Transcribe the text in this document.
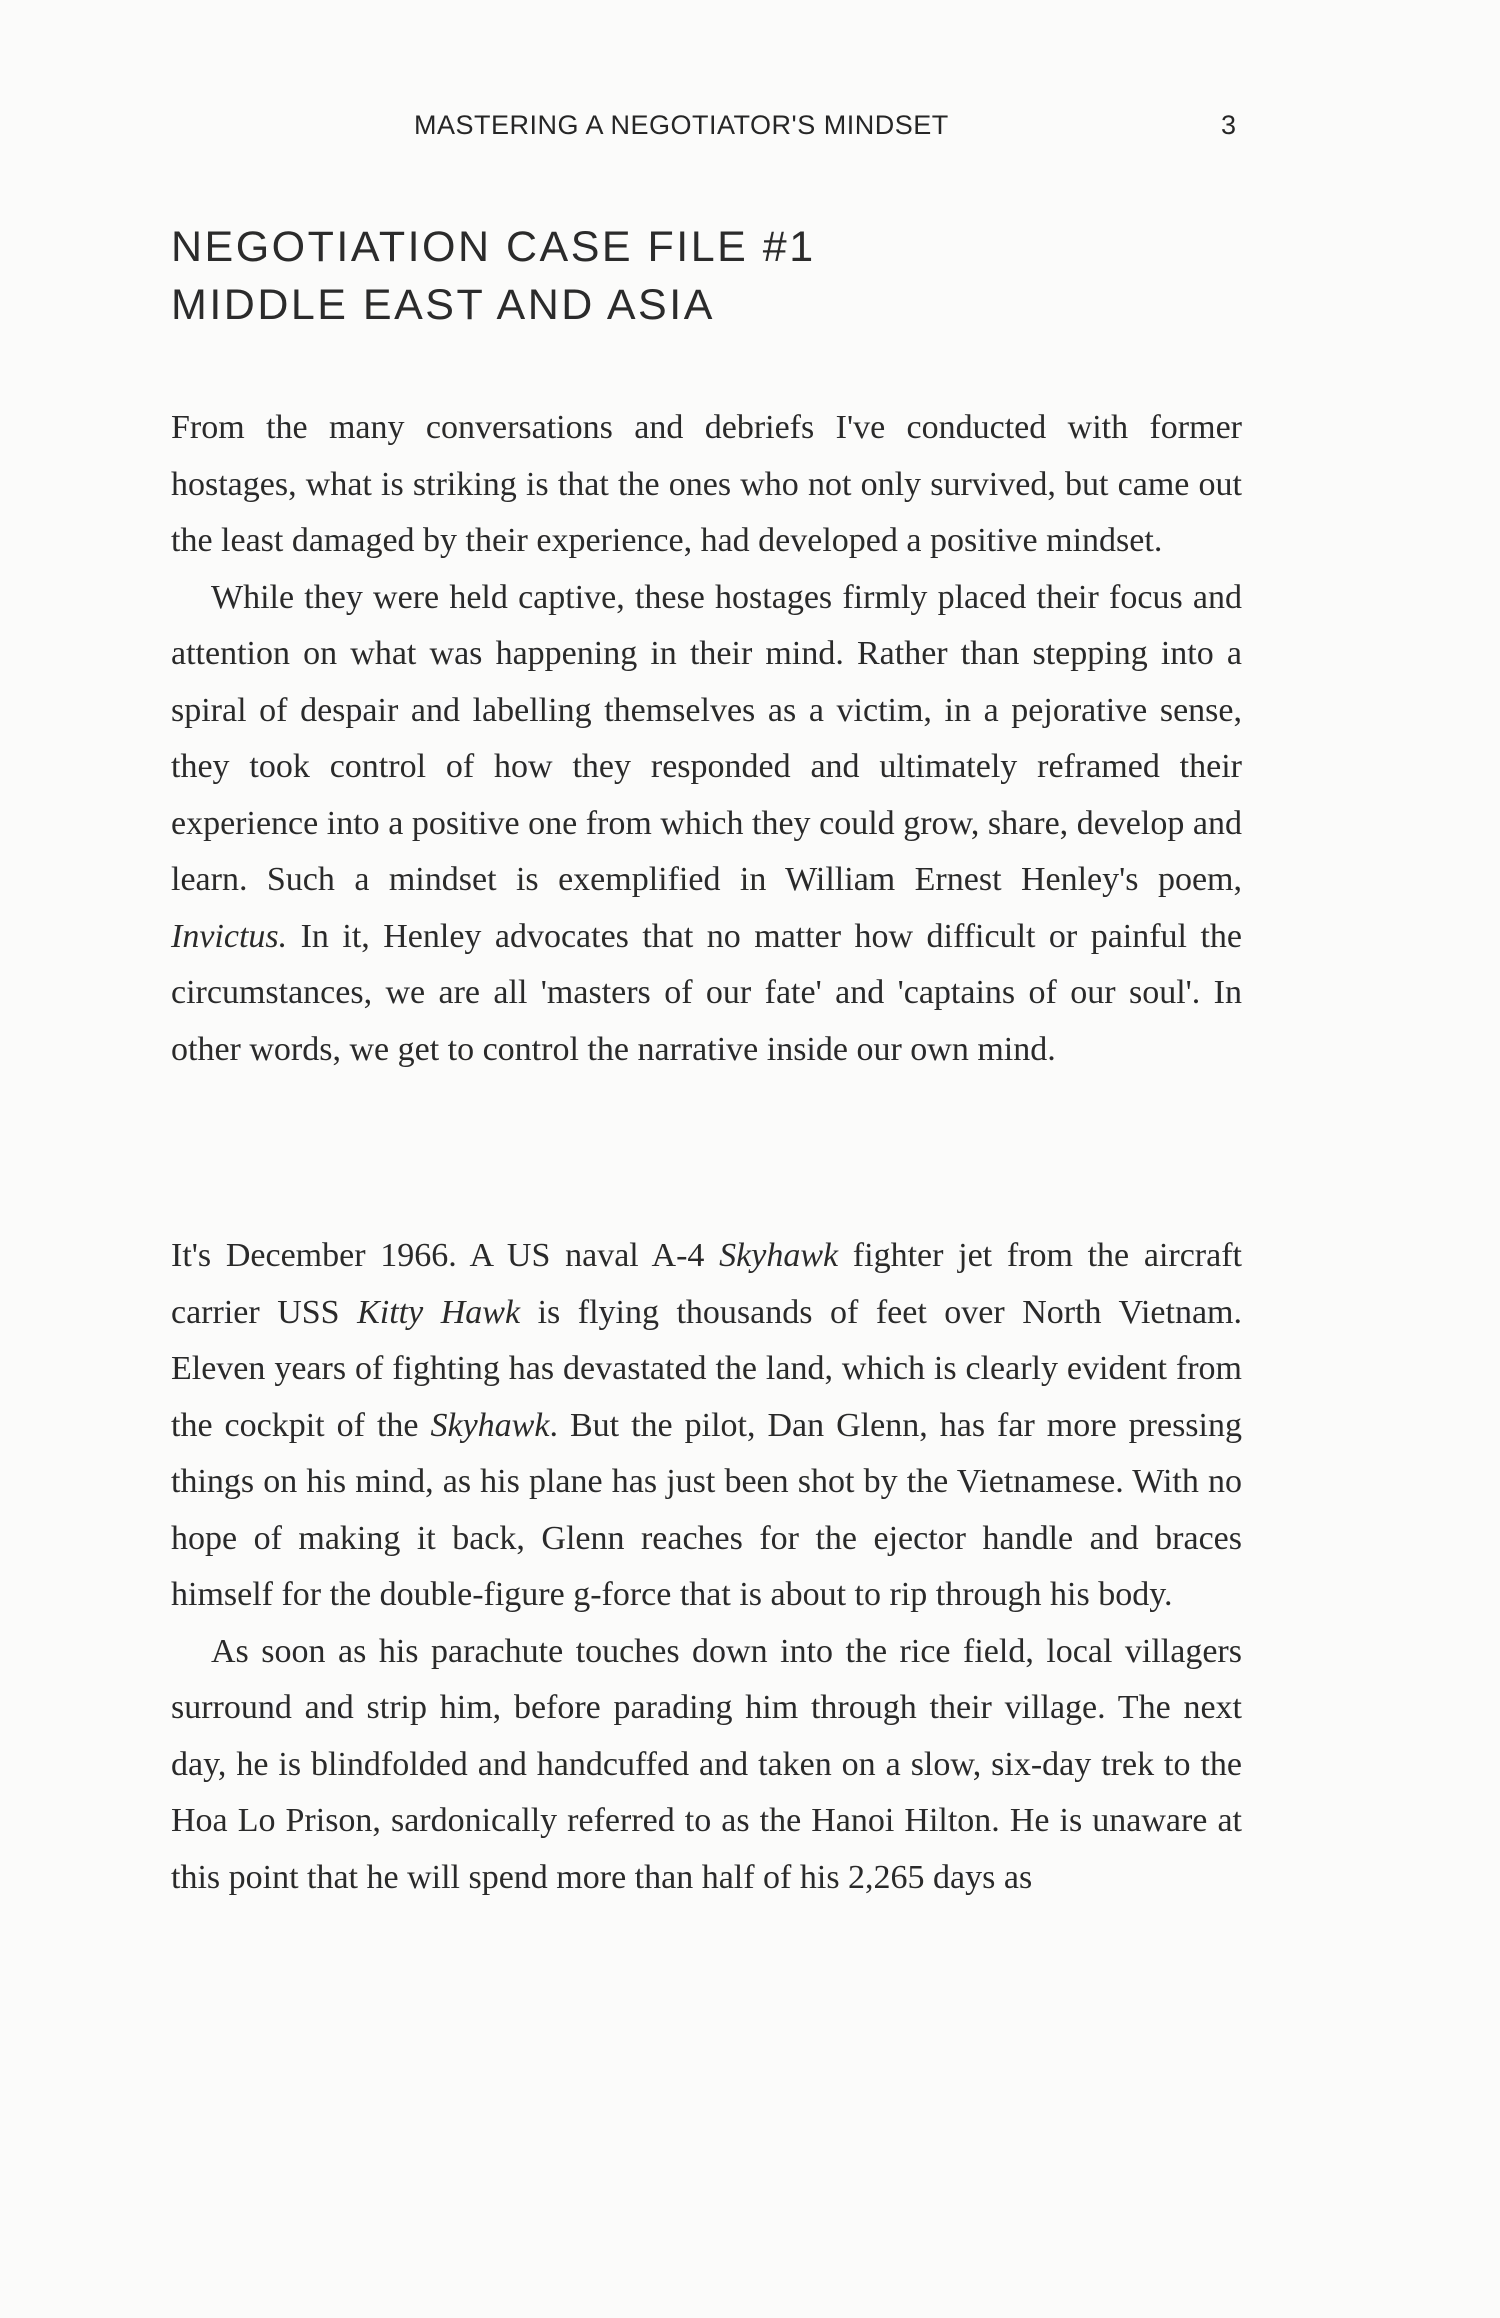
MASTERING A NEGOTIATOR'S MINDSET	3
NEGOTIATION CASE FILE #1
MIDDLE EAST AND ASIA

From the many conversations and debriefs I've conducted with former hostages, what is striking is that the ones who not only survived, but came out the least damaged by their experience, had developed a positive mindset.

While they were held captive, these hostages firmly placed their focus and attention on what was happening in their mind. Rather than stepping into a spiral of despair and labelling themselves as a victim, in a pejorative sense, they took control of how they responded and ultimately reframed their experience into a positive one from which they could grow, share, develop and learn. Such a mindset is exemplified in William Ernest Henley's poem, Invictus. In it, Henley advocates that no matter how difficult or painful the circumstances, we are all 'masters of our fate' and 'captains of our soul'. In other words, we get to control the narrative inside our own mind.

It's December 1966. A US naval A-4 Skyhawk fighter jet from the aircraft carrier USS Kitty Hawk is flying thousands of feet over North Vietnam. Eleven years of fighting has devastated the land, which is clearly evident from the cockpit of the Skyhawk. But the pilot, Dan Glenn, has far more pressing things on his mind, as his plane has just been shot by the Vietnamese. With no hope of making it back, Glenn reaches for the ejector handle and braces himself for the double-figure g-force that is about to rip through his body.

As soon as his parachute touches down into the rice field, local villagers surround and strip him, before parading him through their village. The next day, he is blindfolded and handcuffed and taken on a slow, six-day trek to the Hoa Lo Prison, sardonically referred to as the Hanoi Hilton. He is unaware at this point that he will spend more than half of his 2,265 days as
